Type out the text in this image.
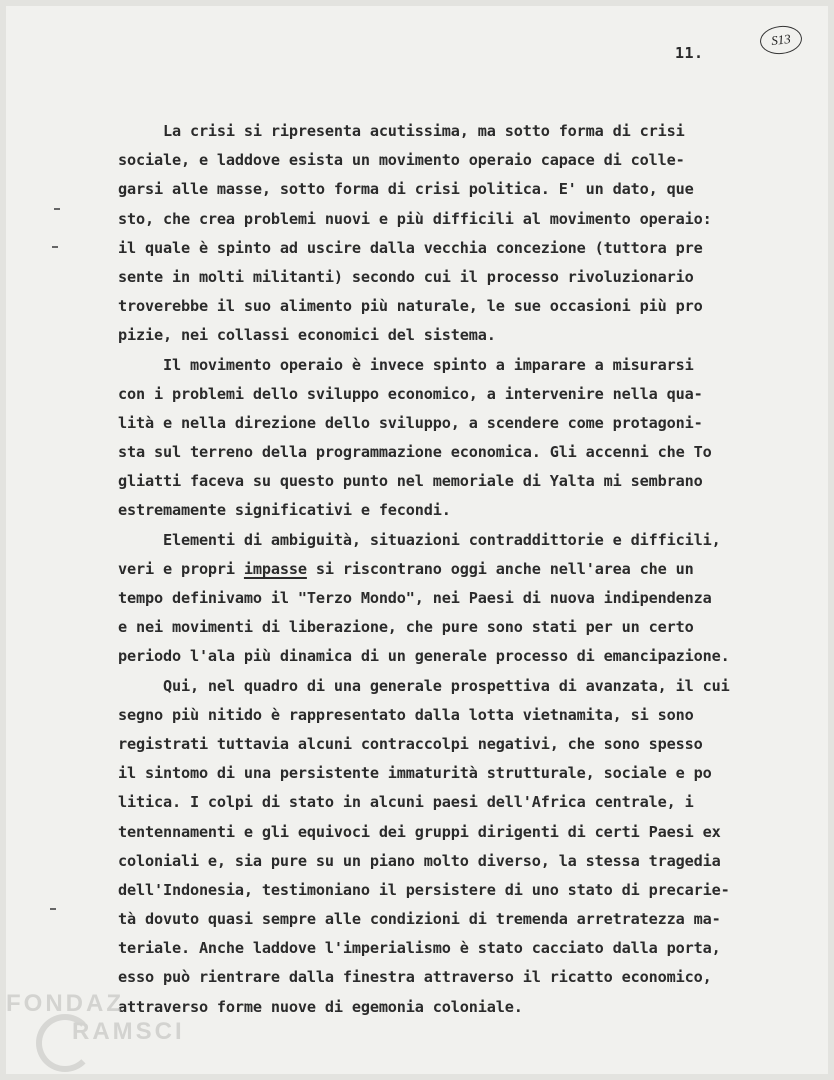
11.
S13
La crisi si ripresenta acutissima, ma sotto forma di crisi
sociale, e laddove esista un movimento operaio capace di colle-
garsi alle masse, sotto forma di crisi politica. E' un dato, que
sto, che crea problemi nuovi e più difficili al movimento operaio:
il quale è spinto ad uscire dalla vecchia concezione (tuttora pre
sente in molti militanti) secondo cui il processo rivoluzionario
troverebbe il suo alimento più naturale, le sue occasioni più pro
pizie, nei collassi economici del sistema.
Il movimento operaio è invece spinto a imparare a misurarsi
con i problemi dello sviluppo economico, a intervenire nella qua-
lità e nella direzione dello sviluppo, a scendere come protagoni-
sta sul terreno della programmazione economica. Gli accenni che To
gliatti faceva su questo punto nel memoriale di Yalta mi sembrano
estremamente significativi e fecondi.
Elementi di ambiguità, situazioni contraddittorie e difficili,
veri e propri impasse si riscontrano oggi anche nell'area che un
tempo definivamo il "Terzo Mondo", nei Paesi di nuova indipendenza
e nei movimenti di liberazione, che pure sono stati per un certo
periodo l'ala più dinamica di un generale processo di emancipazione.
Qui, nel quadro di una generale prospettiva di avanzata, il cui
segno più nitido è rappresentato dalla lotta vietnamita, si sono
registrati tuttavia alcuni contraccolpi negativi, che sono spesso
il sintomo di una persistente immaturità strutturale, sociale e po
litica. I colpi di stato in alcuni paesi dell'Africa centrale, i
tentennamenti e gli equivoci dei gruppi dirigenti di certi Paesi ex
coloniali e, sia pure su un piano molto diverso, la stessa tragedia
dell'Indonesia, testimoniano il persistere di uno stato di precarie-
tà dovuto quasi sempre alle condizioni di tremenda arretratezza ma-
teriale. Anche laddove l'imperialismo è stato cacciato dalla porta,
esso può rientrare dalla finestra attraverso il ricatto economico,
attraverso forme nuove di egemonia coloniale.
FONDAZ
RAMSCI
